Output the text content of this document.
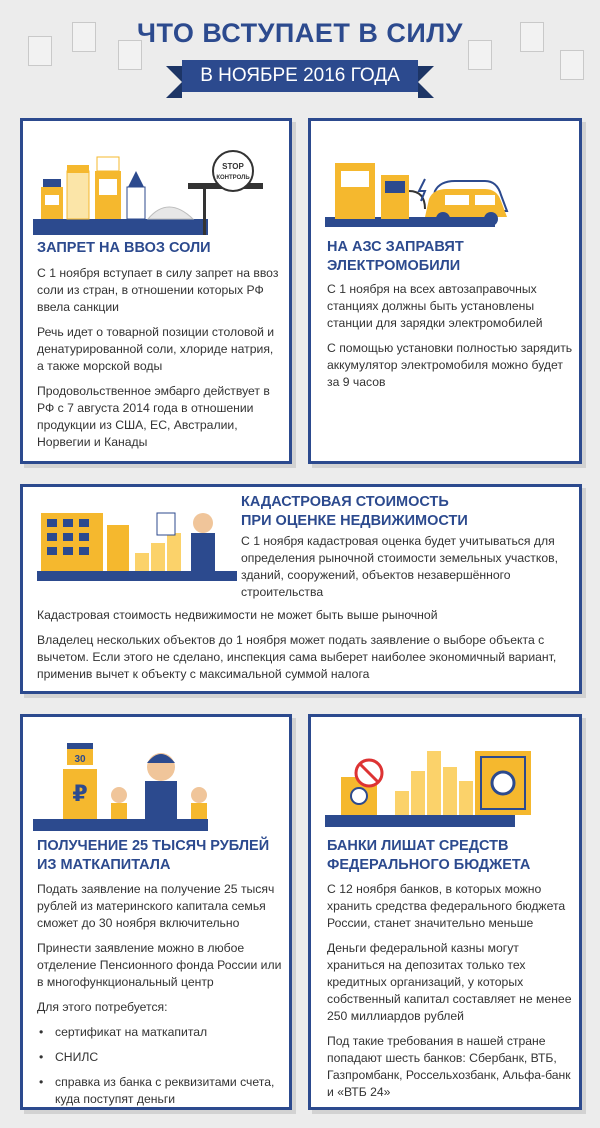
ЧТО ВСТУПАЕТ В СИЛУ
В НОЯБРЕ 2016 ГОДА
STOP
КОНТРОЛЬ
ЗАПРЕТ НА ВВОЗ СОЛИ

С 1 ноября вступает в силу запрет на ввоз соли из стран, в отношении которых РФ ввела санкции

Речь идет о товарной позиции столовой и денатурированной соли, хлориде натрия, а также морской воды

Продовольственное эмбарго действует в РФ с 7 августа 2014 года в отношении продукции из США, ЕС, Австралии, Норвегии и Канады

НА АЗС ЗАПРАВЯТ
ЭЛЕКТРОМОБИЛИ

С 1 ноября на всех автозаправочных станциях должны быть установлены станции для зарядки электромобилей

С помощью установки полностью зарядить аккумулятор электромобиля можно будет за 9 часов

КАДАСТРОВАЯ СТОИМОСТЬ
ПРИ ОЦЕНКЕ НЕДВИЖИМОСТИ

С 1 ноября кадастровая оценка будет учитываться для определения рыночной стоимости земельных участков, зданий, сооружений, объектов незавершённого строительства

Кадастровая стоимость недвижимости не может быть выше рыночной

Владелец нескольких объектов до 1 ноября может подать заявление о выборе объекта с вычетом. Если этого не сделано, инспекция сама выберет наиболее экономичный вариант, применив вычет к объекту с максимальной суммой налога

30
₽
ПОЛУЧЕНИЕ 25 ТЫСЯЧ РУБЛЕЙ
ИЗ МАТКАПИТАЛА

Подать заявление на получение 25 тысяч рублей из материнского капитала семья сможет до 30 ноября включительно

Принести заявление можно в любое отделение Пенсионного фонда России или в многофункциональный центр

Для этого потребуется:

• сертификат на маткапитал
• СНИЛС
• справка из банка с реквизитами счета, куда поступят деньги
БАНКИ ЛИШАТ СРЕДСТВ
ФЕДЕРАЛЬНОГО БЮДЖЕТА

С 12 ноября банков, в которых можно хранить средства федерального бюджета России, станет значительно меньше

Деньги федеральной казны могут храниться на депозитах только тех кредитных организаций, у которых собственный капитал составляет не менее 250 миллиардов рублей

Под такие требования в нашей стране попадают шесть банков: Сбербанк, ВТБ, Газпромбанк, Россельхозбанк, Альфа-банк и «ВТБ 24»
